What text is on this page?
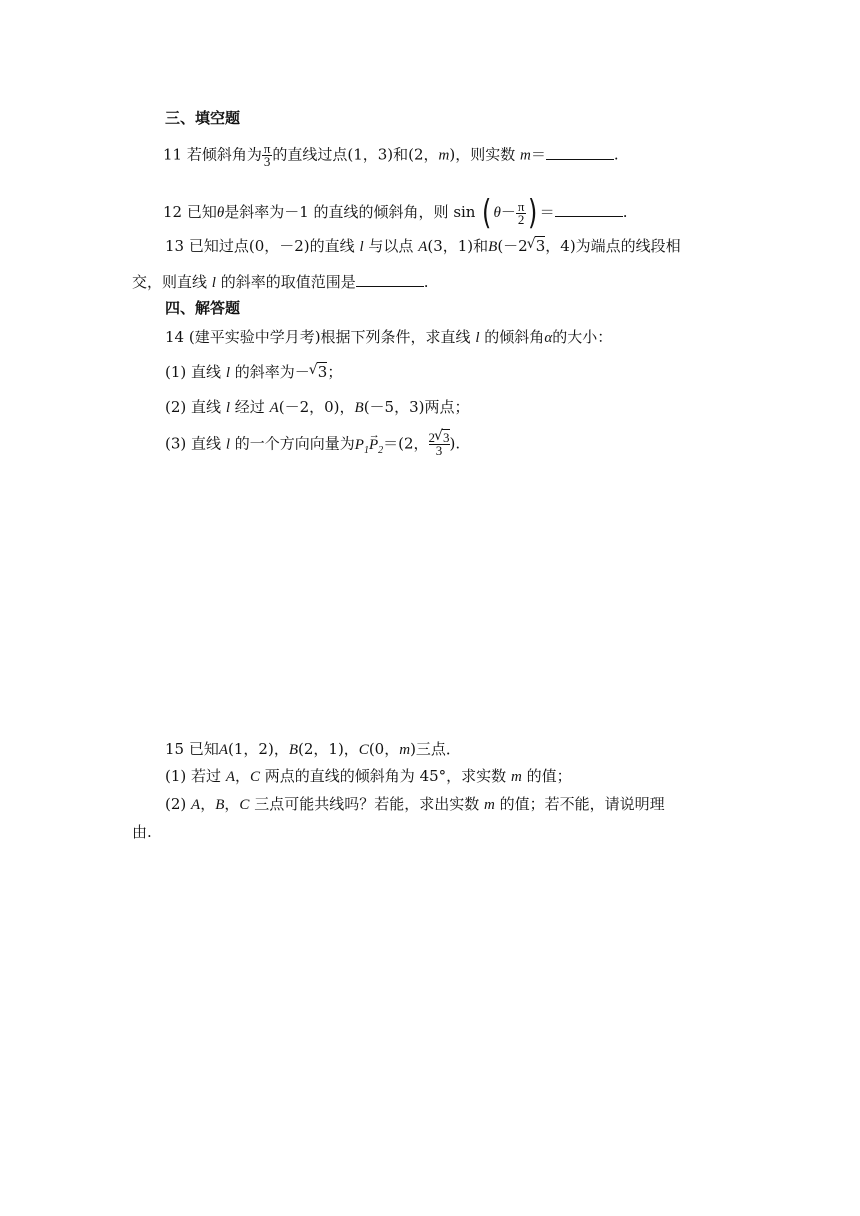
三、填空题
11 若倾斜角为 $\frac{\pi}{3}$ 的直线过点(1，3)和(2，m)，则实数 m＝	.
12 已知θ是斜率为－1 的直线的倾斜角，则 sin ( $\theta- \frac{\pi}{2}$ ) ＝	.
13 已知过点(0，－2)的直线 l 与以点 A(3，1)和B(－2 √ 3，4)为端点的线段相
交，则直线 l 的斜率的取值范围是	.
四、解答题
14 (建平实验中学月考)根据下列条件，求直线 l 的倾斜角α的大小：
(1) 直线 l 的斜率为－ √ 3；
(2) 直线 l 经过 A(－2，0)，B(－5，3)两点；
(3) 直线 l 的一个方向向量为→ $P_1P_2=(2$， $\frac{2 √ 3}{3}$ ).
15 已知A(1，2)，B(2，1)，C(0，m)三点．
(1) 若过 A，C 两点的直线的倾斜角为 45°，求实数 m 的值；
(2) A，B，C 三点可能共线吗？若能，求出实数 m 的值；若不能，请说明理
由.
